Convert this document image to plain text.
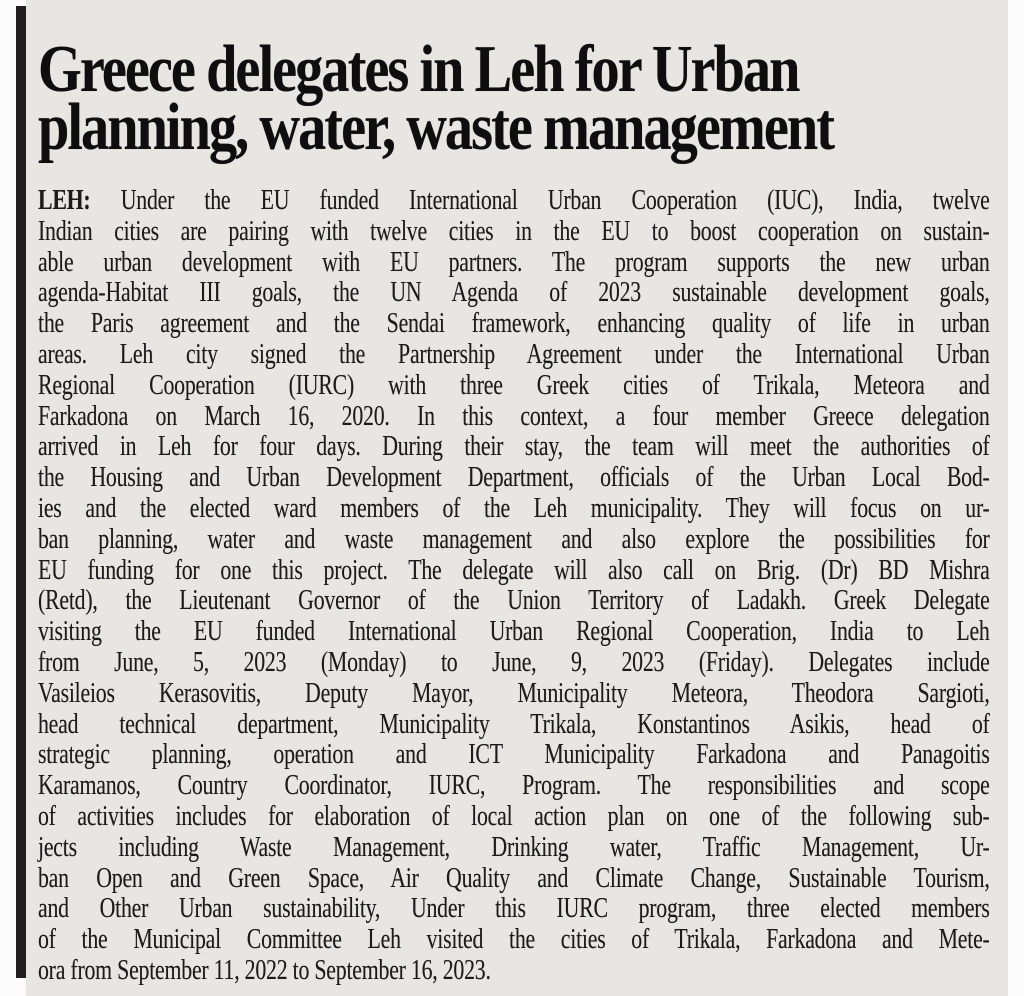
Greece delegates in Leh for Urban
planning, water, waste management
LEH: Under the EU funded International Urban Cooperation (IUC), India, twelve
Indian cities are pairing with twelve cities in the EU to boost cooperation on sustain-
able urban development with EU partners. The program supports the new urban
agenda-Habitat III goals, the UN Agenda of 2023 sustainable development goals,
the Paris agreement and the Sendai framework, enhancing quality of life in urban
areas. Leh city signed the Partnership Agreement under the International Urban
Regional Cooperation (IURC) with three Greek cities of Trikala, Meteora and
Farkadona on March 16, 2020. In this context, a four member Greece delegation
arrived in Leh for four days. During their stay, the team will meet the authorities of
the Housing and Urban Development Department, officials of the Urban Local Bod-
ies and the elected ward members of the Leh municipality. They will focus on ur-
ban planning, water and waste management and also explore the possibilities for
EU funding for one this project. The delegate will also call on Brig. (Dr) BD Mishra
(Retd), the Lieutenant Governor of the Union Territory of Ladakh. Greek Delegate
visiting the EU funded International Urban Regional Cooperation, India to Leh
from June, 5, 2023 (Monday) to June, 9, 2023 (Friday). Delegates include
Vasileios Kerasovitis, Deputy Mayor, Municipality Meteora, Theodora Sargioti,
head technical department, Municipality Trikala, Konstantinos Asikis, head of
strategic planning, operation and ICT Municipality Farkadona and Panagoitis
Karamanos, Country Coordinator, IURC, Program. The responsibilities and scope
of activities includes for elaboration of local action plan on one of the following sub-
jects including Waste Management, Drinking water, Traffic Management, Ur-
ban Open and Green Space, Air Quality and Climate Change, Sustainable Tourism,
and Other Urban sustainability, Under this IURC program, three elected members
of the Municipal Committee Leh visited the cities of Trikala, Farkadona and Mete-
ora from September 11, 2022 to September 16, 2023.
